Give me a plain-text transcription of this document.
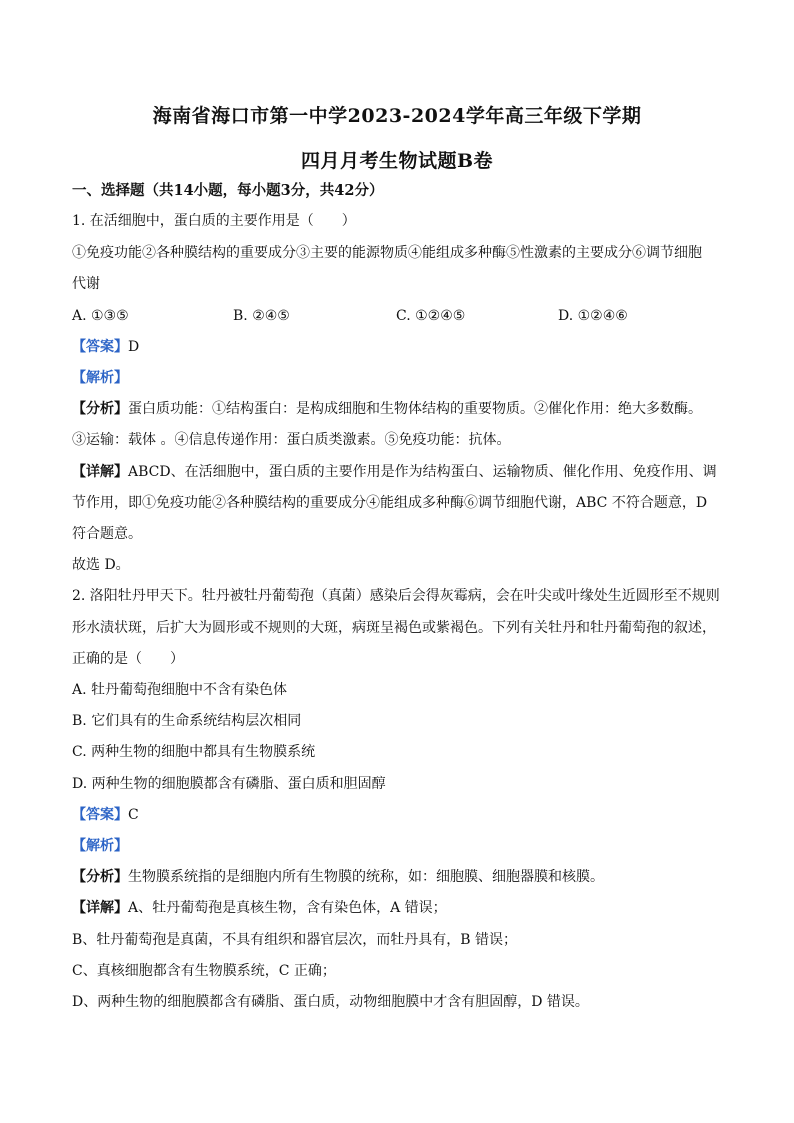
海南省海口市第一中学2023-2024学年高三年级下学期
四月月考生物试题B卷
一、选择题（共14小题，每小题3分，共42分）
1. 在活细胞中，蛋白质的主要作用是（　　）
①免疫功能②各种膜结构的重要成分③主要的能源物质④能组成多种酶⑤性激素的主要成分⑥调节细胞
代谢
A. ①③⑤	B. ②④⑤	C. ①②④⑤	D. ①②④⑥
【答案】D
【解析】
【分析】蛋白质功能：①结构蛋白：是构成细胞和生物体结构的重要物质。②催化作用：绝大多数酶。
③运输：载体 。④信息传递作用：蛋白质类激素。⑤免疫功能：抗体。
【详解】ABCD、在活细胞中，蛋白质的主要作用是作为结构蛋白、运输物质、催化作用、免疫作用、调
节作用，即①免疫功能②各种膜结构的重要成分④能组成多种酶⑥调节细胞代谢，ABC 不符合题意，D
符合题意。
故选 D。
2. 洛阳牡丹甲天下。牡丹被牡丹葡萄孢（真菌）感染后会得灰霉病，会在叶尖或叶缘处生近圆形至不规则
形水渍状斑，后扩大为圆形或不规则的大斑，病斑呈褐色或紫褐色。下列有关牡丹和牡丹葡萄孢的叙述，
正确的是（　　）
A. 牡丹葡萄孢细胞中不含有染色体
B. 它们具有的生命系统结构层次相同
C. 两种生物的细胞中都具有生物膜系统
D. 两种生物的细胞膜都含有磷脂、蛋白质和胆固醇
【答案】C
【解析】
【分析】生物膜系统指的是细胞内所有生物膜的统称，如：细胞膜、细胞器膜和核膜。
【详解】A、牡丹葡萄孢是真核生物，含有染色体，A 错误；
B、牡丹葡萄孢是真菌，不具有组织和器官层次，而牡丹具有，B 错误；
C、真核细胞都含有生物膜系统，C 正确；
D、两种生物的细胞膜都含有磷脂、蛋白质，动物细胞膜中才含有胆固醇，D 错误。
